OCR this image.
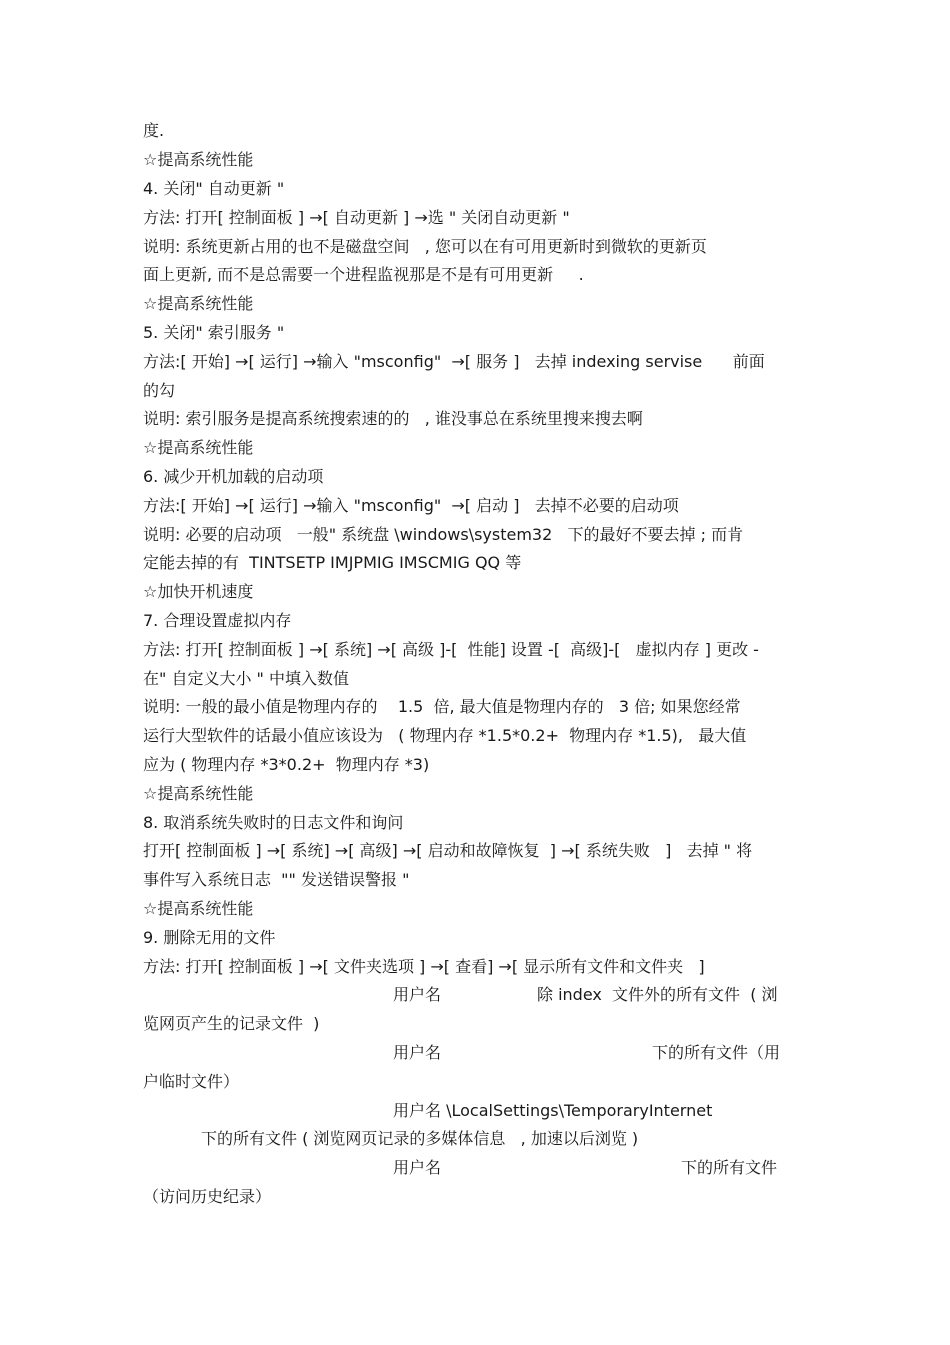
度.
☆提高系统性能
4. 关闭" 自动更新 "
方法: 打开[ 控制面板 ] →[ 自动更新 ] →选 " 关闭自动更新 "
说明: 系统更新占用的也不是磁盘空间   , 您可以在有可用更新时到微软的更新页
面上更新, 而不是总需要一个进程监视那是不是有可用更新     .
☆提高系统性能
5. 关闭" 索引服务 "
方法:[ 开始] →[ 运行] →输入 "msconfig"  →[ 服务 ]   去掉 indexing servise      前面
的勾
说明: 索引服务是提高系统搜索速的的   , 谁没事总在系统里搜来搜去啊
☆提高系统性能
6. 减少开机加载的启动项
方法:[ 开始] →[ 运行] →输入 "msconfig"  →[ 启动 ]   去掉不必要的启动项
说明: 必要的启动项   一般" 系统盘 \windows\system32   下的最好不要去掉 ; 而肯
定能去掉的有  TINTSETP IMJPMIG IMSCMIG QQ 等
☆加快开机速度
7. 合理设置虚拟内存
方法: 打开[ 控制面板 ] →[ 系统] →[ 高级 ]-[  性能] 设置 -[  高级]-[   虚拟内存 ] 更改 -
在" 自定义大小 " 中填入数值
说明: 一般的最小值是物理内存的    1.5  倍, 最大值是物理内存的   3 倍; 如果您经常
运行大型软件的话最小值应该设为   ( 物理内存 *1.5*0.2+  物理内存 *1.5),   最大值
应为 ( 物理内存 *3*0.2+  物理内存 *3)
☆提高系统性能
8. 取消系统失败时的日志文件和询问
打开[ 控制面板 ] →[ 系统] →[ 高级] →[ 启动和故障恢复  ] →[ 系统失败   ]   去掉 " 将
事件写入系统日志  "" 发送错误警报 "
☆提高系统性能
9. 删除无用的文件
方法: 打开[ 控制面板 ] →[ 文件夹选项 ] →[ 查看] →[ 显示所有文件和文件夹   ]
用户名	除 index  文件外的所有文件  ( 浏
览网页产生的记录文件  )
用户名	下的所有文件（用
户临时文件）
用户名 \LocalSettings\TemporaryInternet
下的所有文件 ( 浏览网页记录的多媒体信息   , 加速以后浏览 )
用户名	下的所有文件
（访问历史纪录）
